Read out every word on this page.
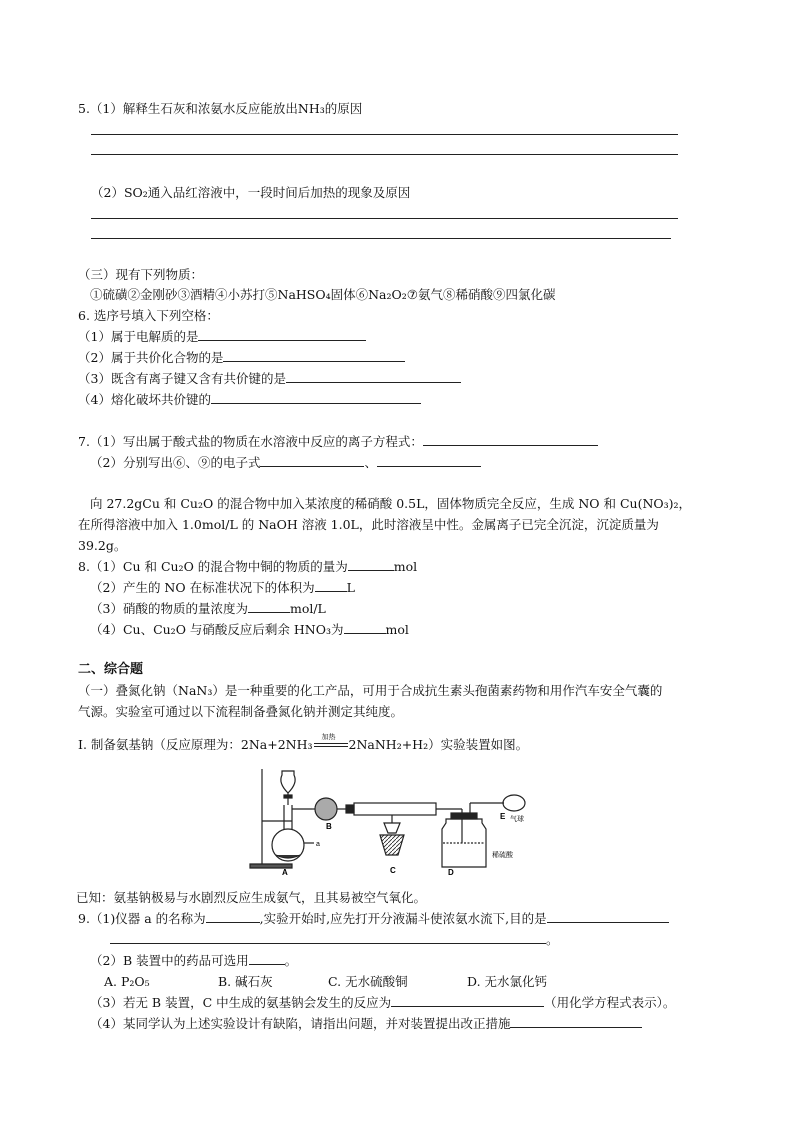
5.（1）解释生石灰和浓氨水反应能放出NH₃的原因
（2）SO₂通入品红溶液中，一段时间后加热的现象及原因
（三）现有下列物质：
①硫磺②金刚砂③酒精④小苏打⑤NaHSO₄固体⑥Na₂O₂⑦氨气⑧稀硝酸⑨四氯化碳
6. 选序号填入下列空格：
（1）属于电解质的是
（2）属于共价化合物的是
（3）既含有离子键又含有共价键的是
（4）熔化破坏共价键的
7.（1）写出属于酸式盐的物质在水溶液中反应的离子方程式：
（2）分别写出⑥、⑨的电子式	、
向 27.2gCu 和 Cu₂O 的混合物中加入某浓度的稀硝酸 0.5L，固体物质完全反应，生成 NO 和 Cu(NO₃)₂，
在所得溶液中加入 1.0mol/L 的 NaOH 溶液 1.0L，此时溶液呈中性。金属离子已完全沉淀，沉淀质量为
39.2g。
8.（1）Cu 和 Cu₂O 的混合物中铜的物质的量为	mol
（2）产生的 NO 在标准状况下的体积为	L
（3）硝酸的物质的量浓度为	mol/L
（4）Cu、Cu₂O 与硝酸反应后剩余 HNO₃为	mol
二、综合题
（一）叠氮化钠（NaN₃）是一种重要的化工产品，可用于合成抗生素头孢菌素药物和用作汽车安全气囊的
气源。实验室可通过以下流程制备叠氮化钠并测定其纯度。
Ⅰ. 制备氨基钠（反应原理为：2Na+2NH₃ 加热 2NaNH₂+H₂）实验装置如图。
a
A
B
C	D
E 气球
稀硫酸
已知：氨基钠极易与水剧烈反应生成氨气，且其易被空气氧化。
9.（1)仪器 a 的名称为	,实验开始时,应先打开分液漏斗使浓氨水流下,目的是
。
（2）B 装置中的药品可选用	。
A. P₂O₅	B. 碱石灰	C. 无水硫酸铜	D. 无水氯化钙
（3）若无 B 装置，C 中生成的氨基钠会发生的反应为	（用化学方程式表示）。
（4）某同学认为上述实验设计有缺陷，请指出问题，并对装置提出改正措施
